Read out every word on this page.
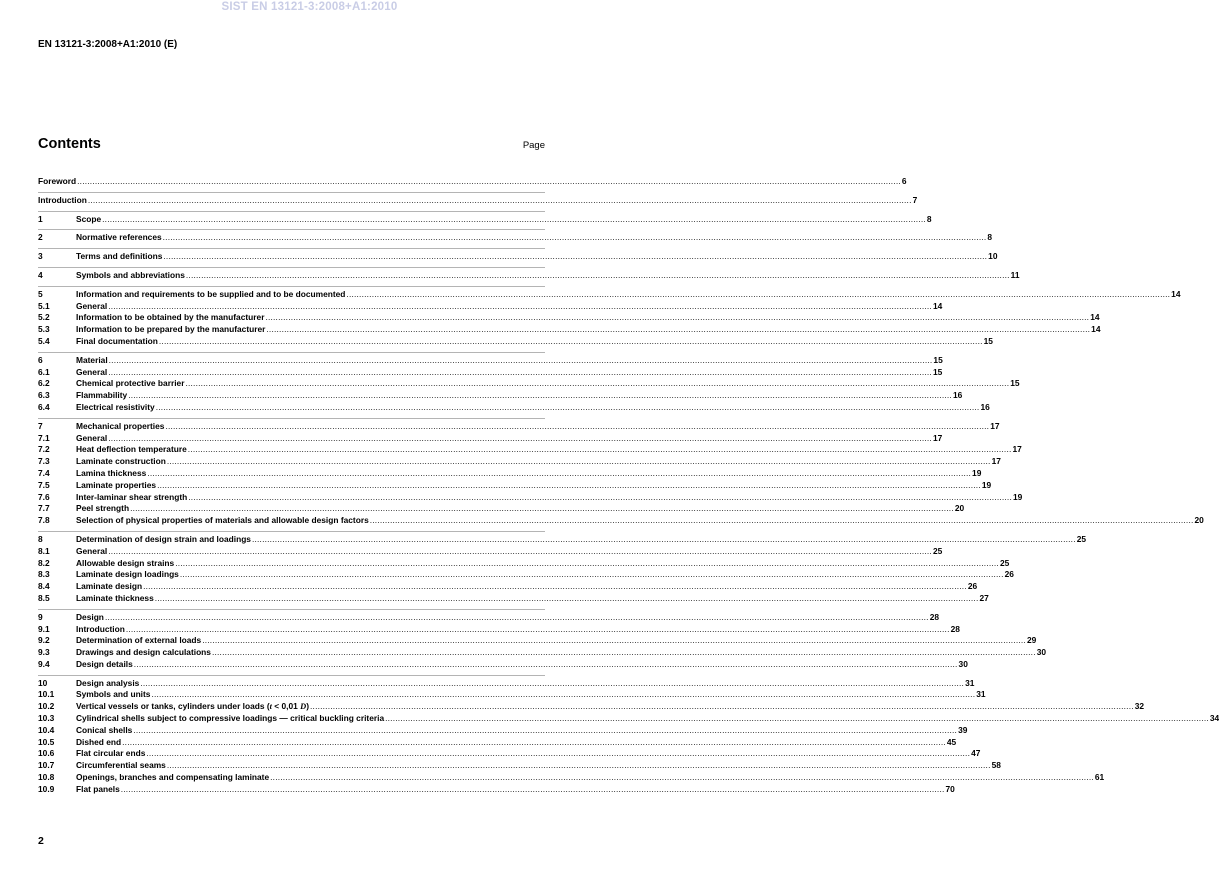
SIST EN 13121-3:2008+A1:2010
EN 13121-3:2008+A1:2010 (E)
Contents	Page
Foreword .....	6
Introduction .....	7
1	Scope .....	8
2	Normative references .....	8
3	Terms and definitions .....	10
4	Symbols and abbreviations .....	11
5	Information and requirements to be supplied and to be documented .....	14
5.1	General .....	14
5.2	Information to be obtained by the manufacturer .....	14
5.3	Information to be prepared by the manufacturer .....	14
5.4	Final documentation .....	15
6	Material .....	15
6.1	General .....	15
6.2	Chemical protective barrier .....	15
6.3	Flammability .....	16
6.4	Electrical resistivity .....	16
7	Mechanical properties .....	17
7.1	General .....	17
7.2	Heat deflection temperature .....	17
7.3	Laminate construction .....	17
7.4	Lamina thickness .....	19
7.5	Laminate properties .....	19
7.6	Inter-laminar shear strength .....	19
7.7	Peel strength .....	20
7.8	Selection of physical properties of materials and allowable design factors .....	20
8	Determination of design strain and loadings .....	25
8.1	General .....	25
8.2	Allowable design strains .....	25
8.3	Laminate design loadings .....	26
8.4	Laminate design .....	26
8.5	Laminate thickness .....	27
9	Design .....	28
9.1	Introduction .....	28
9.2	Determination of external loads .....	29
9.3	Drawings and design calculations .....	30
9.4	Design details .....	30
10	Design analysis .....	31
10.1	Symbols and units .....	31
10.2	Vertical vessels or tanks, cylinders under loads (t < 0,01 D) .....	32
10.3	Cylindrical shells subject to compressive loadings — critical buckling criteria .....	34
10.4	Conical shells .....	39
10.5	Dished end .....	45
10.6	Flat circular ends .....	47
10.7	Circumferential seams .....	58
10.8	Openings, branches and compensating laminate .....	61
10.9	Flat panels .....	70
2
